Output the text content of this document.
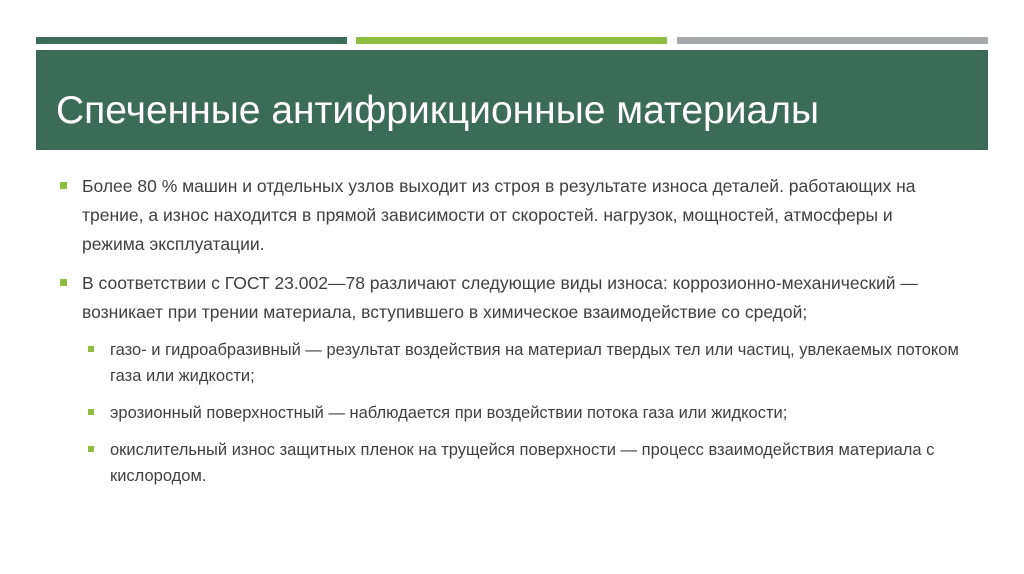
Спеченные антифрикционные материалы
Более 80 % машин и отдельных узлов выходит из строя в результате износа деталей. работающих на трение, а износ находится в прямой зависимости от скоростей. нагрузок, мощностей, атмосферы и режима эксплуатации.
В соответствии с ГОСТ 23.002—78 различают следующие виды износа: коррозионно-механический — возникает при трении материала, вступившего в химическое взаимодействие со средой;
газо- и гидроабразивный — результат воздействия на материал твердых тел или частиц, увлекаемых потоком газа или жидкости;
эрозионный поверхностный — наблюдается при воздействии потока газа или жидкости;
окислительный износ защитных пленок на трущейся поверхности — процесс взаимодействия материала с кислородом.
